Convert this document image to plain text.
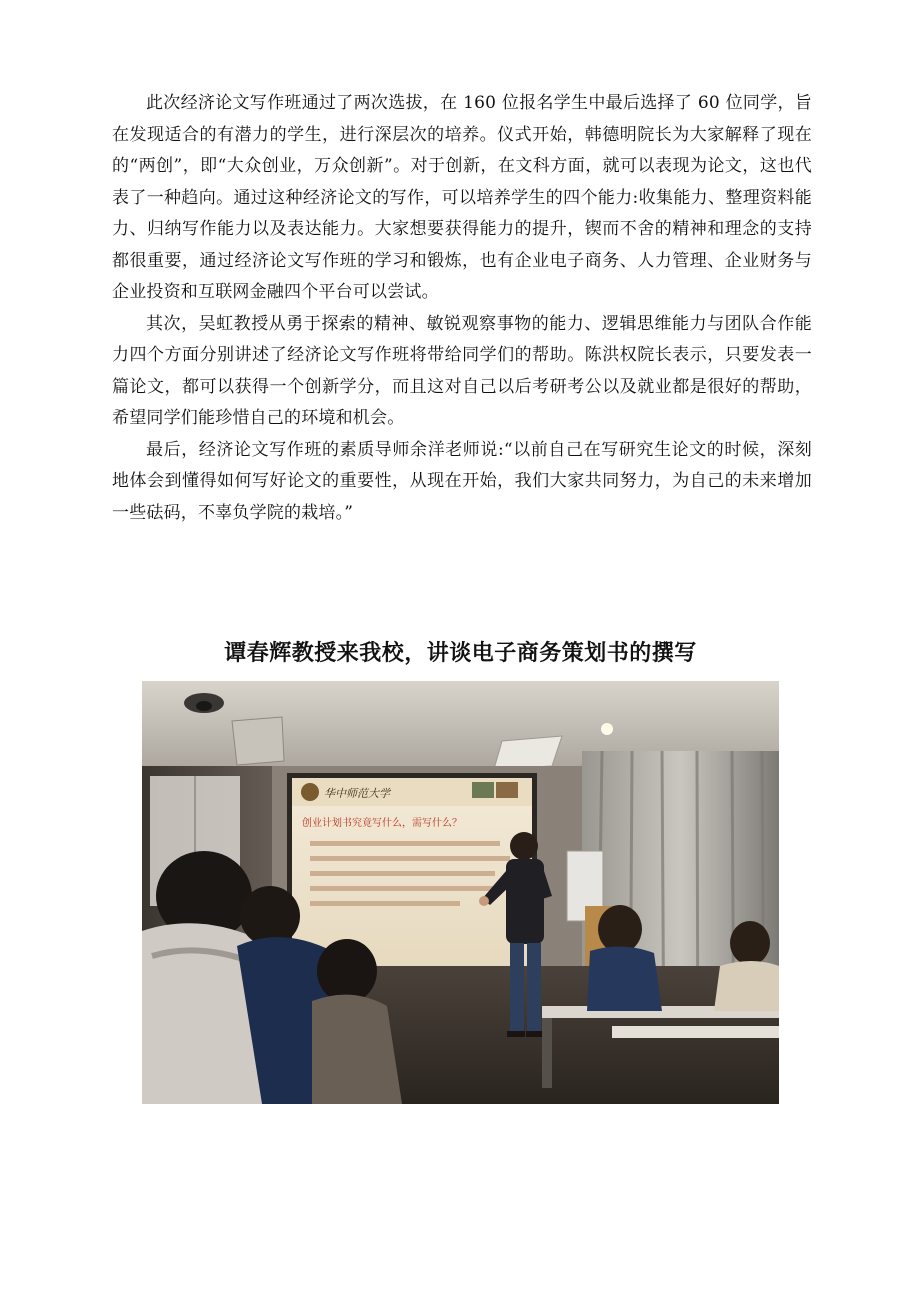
此次经济论文写作班通过了两次选拔，在 160 位报名学生中最后选择了 60 位同学，旨在发现适合的有潜力的学生，进行深层次的培养。仪式开始，韩德明院长为大家解释了现在的“两创”，即“大众创业，万众创新”。对于创新，在文科方面，就可以表现为论文，这也代表了一种趋向。通过这种经济论文的写作，可以培养学生的四个能力:收集能力、整理资料能力、归纳写作能力以及表达能力。大家想要获得能力的提升，锲而不舍的精神和理念的支持都很重要，通过经济论文写作班的学习和锻炼，也有企业电子商务、人力管理、企业财务与企业投资和互联网金融四个平台可以尝试。

其次，吴虹教授从勇于探索的精神、敏锐观察事物的能力、逻辑思维能力与团队合作能力四个方面分别讲述了经济论文写作班将带给同学们的帮助。陈洪权院长表示，只要发表一篇论文，都可以获得一个创新学分，而且这对自己以后考研考公以及就业都是很好的帮助，希望同学们能珍惜自己的环境和机会。

最后，经济论文写作班的素质导师余洋老师说:“以前自己在写研究生论文的时候，深刻地体会到懂得如何写好论文的重要性，从现在开始，我们大家共同努力，为自己的未来增加一些砝码，不辜负学院的栽培。”

谭春辉教授来我校，讲谈电子商务策划书的撰写
华中师范大学
创业计划书究竟写什么，需写什么？
